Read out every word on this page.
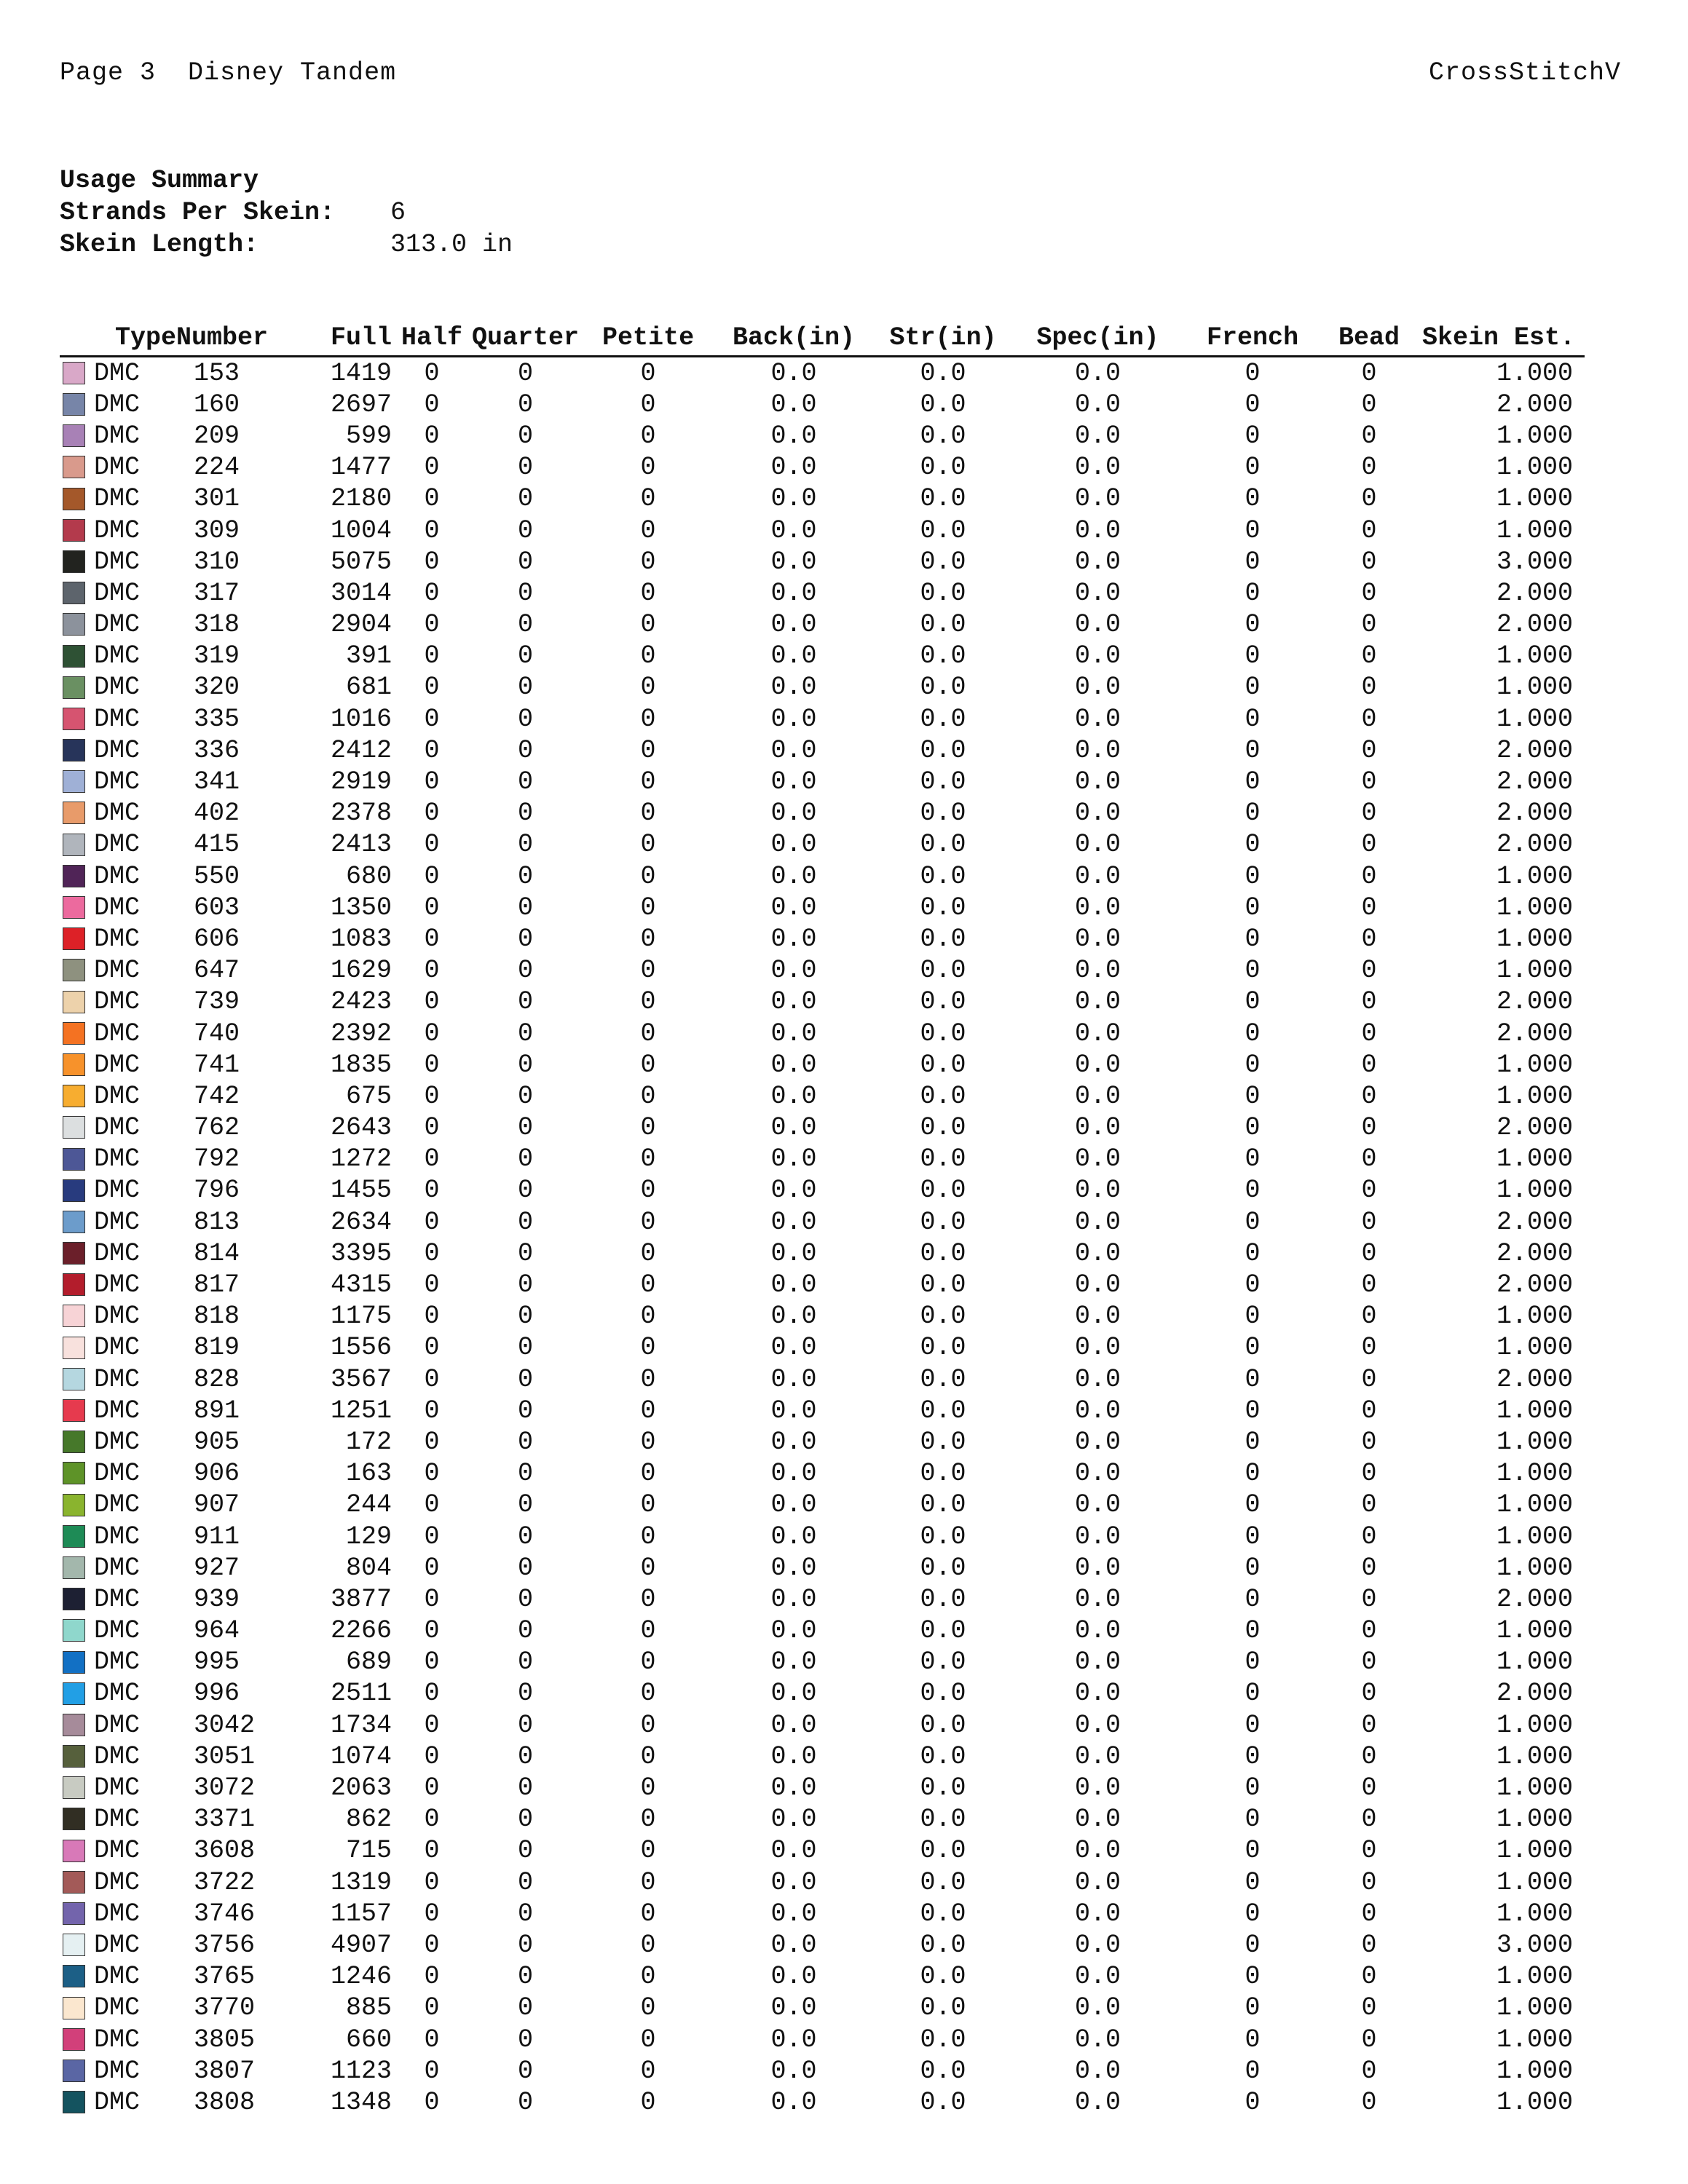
Page 3  Disney Tandem	CrossStitchV
Usage Summary
Strands Per Skein:	6
Skein Length:	313.0 in
Type	Number	Full	Half	Quarter	Petite	Back(in)	Str(in)	Spec(in)	French	Bead	Skein Est.
DMC	153	1419	0	0	0	0.0	0.0	0.0	0	0	1.000
DMC	160	2697	0	0	0	0.0	0.0	0.0	0	0	2.000
DMC	209	599	0	0	0	0.0	0.0	0.0	0	0	1.000
DMC	224	1477	0	0	0	0.0	0.0	0.0	0	0	1.000
DMC	301	2180	0	0	0	0.0	0.0	0.0	0	0	1.000
DMC	309	1004	0	0	0	0.0	0.0	0.0	0	0	1.000
DMC	310	5075	0	0	0	0.0	0.0	0.0	0	0	3.000
DMC	317	3014	0	0	0	0.0	0.0	0.0	0	0	2.000
DMC	318	2904	0	0	0	0.0	0.0	0.0	0	0	2.000
DMC	319	391	0	0	0	0.0	0.0	0.0	0	0	1.000
DMC	320	681	0	0	0	0.0	0.0	0.0	0	0	1.000
DMC	335	1016	0	0	0	0.0	0.0	0.0	0	0	1.000
DMC	336	2412	0	0	0	0.0	0.0	0.0	0	0	2.000
DMC	341	2919	0	0	0	0.0	0.0	0.0	0	0	2.000
DMC	402	2378	0	0	0	0.0	0.0	0.0	0	0	2.000
DMC	415	2413	0	0	0	0.0	0.0	0.0	0	0	2.000
DMC	550	680	0	0	0	0.0	0.0	0.0	0	0	1.000
DMC	603	1350	0	0	0	0.0	0.0	0.0	0	0	1.000
DMC	606	1083	0	0	0	0.0	0.0	0.0	0	0	1.000
DMC	647	1629	0	0	0	0.0	0.0	0.0	0	0	1.000
DMC	739	2423	0	0	0	0.0	0.0	0.0	0	0	2.000
DMC	740	2392	0	0	0	0.0	0.0	0.0	0	0	2.000
DMC	741	1835	0	0	0	0.0	0.0	0.0	0	0	1.000
DMC	742	675	0	0	0	0.0	0.0	0.0	0	0	1.000
DMC	762	2643	0	0	0	0.0	0.0	0.0	0	0	2.000
DMC	792	1272	0	0	0	0.0	0.0	0.0	0	0	1.000
DMC	796	1455	0	0	0	0.0	0.0	0.0	0	0	1.000
DMC	813	2634	0	0	0	0.0	0.0	0.0	0	0	2.000
DMC	814	3395	0	0	0	0.0	0.0	0.0	0	0	2.000
DMC	817	4315	0	0	0	0.0	0.0	0.0	0	0	2.000
DMC	818	1175	0	0	0	0.0	0.0	0.0	0	0	1.000
DMC	819	1556	0	0	0	0.0	0.0	0.0	0	0	1.000
DMC	828	3567	0	0	0	0.0	0.0	0.0	0	0	2.000
DMC	891	1251	0	0	0	0.0	0.0	0.0	0	0	1.000
DMC	905	172	0	0	0	0.0	0.0	0.0	0	0	1.000
DMC	906	163	0	0	0	0.0	0.0	0.0	0	0	1.000
DMC	907	244	0	0	0	0.0	0.0	0.0	0	0	1.000
DMC	911	129	0	0	0	0.0	0.0	0.0	0	0	1.000
DMC	927	804	0	0	0	0.0	0.0	0.0	0	0	1.000
DMC	939	3877	0	0	0	0.0	0.0	0.0	0	0	2.000
DMC	964	2266	0	0	0	0.0	0.0	0.0	0	0	1.000
DMC	995	689	0	0	0	0.0	0.0	0.0	0	0	1.000
DMC	996	2511	0	0	0	0.0	0.0	0.0	0	0	2.000
DMC	3042	1734	0	0	0	0.0	0.0	0.0	0	0	1.000
DMC	3051	1074	0	0	0	0.0	0.0	0.0	0	0	1.000
DMC	3072	2063	0	0	0	0.0	0.0	0.0	0	0	1.000
DMC	3371	862	0	0	0	0.0	0.0	0.0	0	0	1.000
DMC	3608	715	0	0	0	0.0	0.0	0.0	0	0	1.000
DMC	3722	1319	0	0	0	0.0	0.0	0.0	0	0	1.000
DMC	3746	1157	0	0	0	0.0	0.0	0.0	0	0	1.000
DMC	3756	4907	0	0	0	0.0	0.0	0.0	0	0	3.000
DMC	3765	1246	0	0	0	0.0	0.0	0.0	0	0	1.000
DMC	3770	885	0	0	0	0.0	0.0	0.0	0	0	1.000
DMC	3805	660	0	0	0	0.0	0.0	0.0	0	0	1.000
DMC	3807	1123	0	0	0	0.0	0.0	0.0	0	0	1.000
DMC	3808	1348	0	0	0	0.0	0.0	0.0	0	0	1.000
